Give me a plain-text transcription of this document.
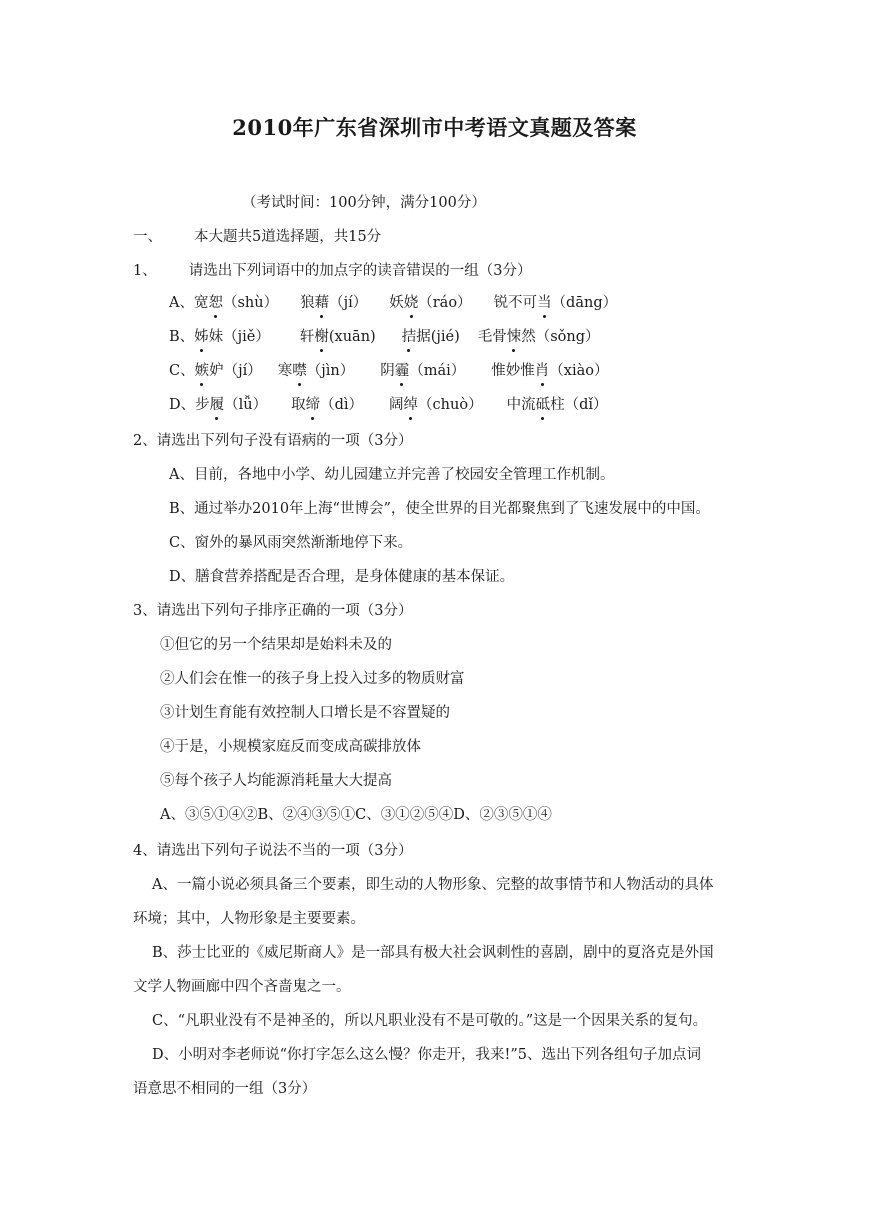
2010年广东省深圳市中考语文真题及答案
（考试时间：100分钟，满分100分）
一、 本大题共5道选择题，共15分
1、 请选出下列词语中的加点字的读音错误的一组（3分）
A、宽恕（shù） 狼藉（jí） 妖娆（ráo） 锐不可当（dāng）
B、姊妹（jiě） 轩榭(xuān) 拮据(jié) 毛骨悚然（sǒng）
C、嫉妒（jí） 寒噤（jìn） 阴霾（mái） 惟妙惟肖（xiào）
D、步履（lǚ） 取缔（dì） 阔绰（chuò） 中流砥柱（dǐ）
2、请选出下列句子没有语病的一项（3分）
A、目前，各地中小学、幼儿园建立并完善了校园安全管理工作机制。
B、通过举办2010年上海“世博会”，使全世界的目光都聚焦到了飞速发展中的中国。
C、窗外的暴风雨突然渐渐地停下来。
D、膳食营养搭配是否合理，是身体健康的基本保证。
3、请选出下列句子排序正确的一项（3分）
①但它的另一个结果却是始料未及的
②人们会在惟一的孩子身上投入过多的物质财富
③计划生育能有效控制人口增长是不容置疑的
④于是，小规模家庭反而变成高碳排放体
⑤每个孩子人均能源消耗量大大提高
A、③⑤①④②B、②④③⑤①C、③①②⑤④D、②③⑤①④
4、请选出下列句子说法不当的一项（3分）
A、一篇小说必须具备三个要素，即生动的人物形象、完整的故事情节和人物活动的具体
环境；其中，人物形象是主要要素。
B、莎士比亚的《威尼斯商人》是一部具有极大社会讽刺性的喜剧，剧中的夏洛克是外国
文学人物画廊中四个吝啬鬼之一。
C、“凡职业没有不是神圣的，所以凡职业没有不是可敬的。”这是一个因果关系的复句。
D、小明对李老师说“你打字怎么这么慢？你走开，我来!”5、选出下列各组句子加点词
语意思不相同的一组（3分）
